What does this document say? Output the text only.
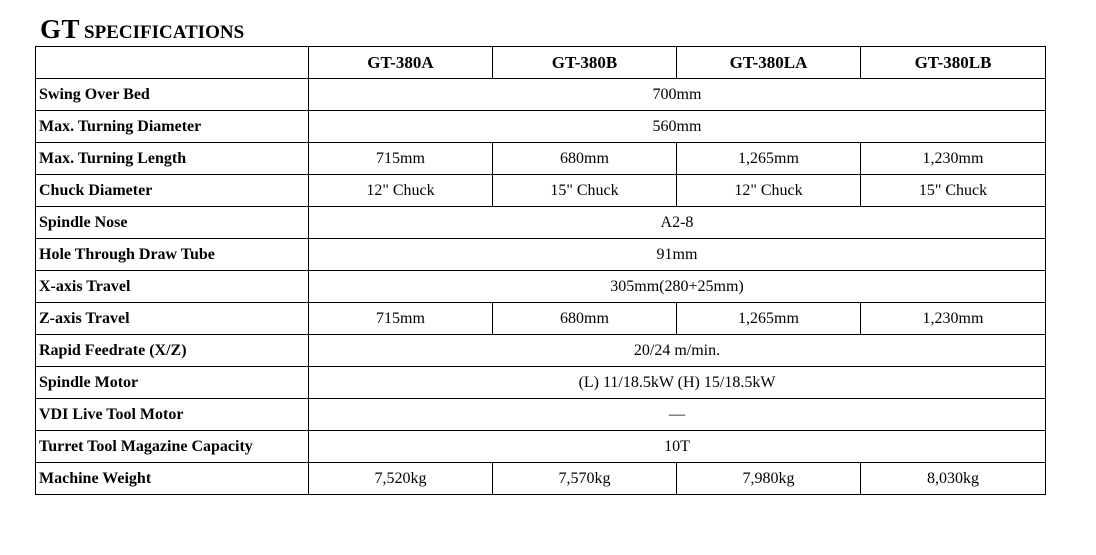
GT SPECIFICATIONS
	GT-380A	GT-380B	GT-380LA	GT-380LB
Swing Over Bed	700mm			
Max. Turning Diameter	560mm			
Max. Turning Length	715mm	680mm	1,265mm	1,230mm
Chuck Diameter	12" Chuck	15" Chuck	12" Chuck	15" Chuck
Spindle Nose	A2-8			
Hole Through Draw Tube	91mm			
X-axis Travel	305mm(280+25mm)			
Z-axis Travel	715mm	680mm	1,265mm	1,230mm
Rapid Feedrate (X/Z)	20/24 m/min.			
Spindle Motor	(L) 11/18.5kW (H) 15/18.5kW			
VDI Live Tool Motor	—			
Turret Tool Magazine Capacity	10T			
Machine Weight	7,520kg	7,570kg	7,980kg	8,030kg
